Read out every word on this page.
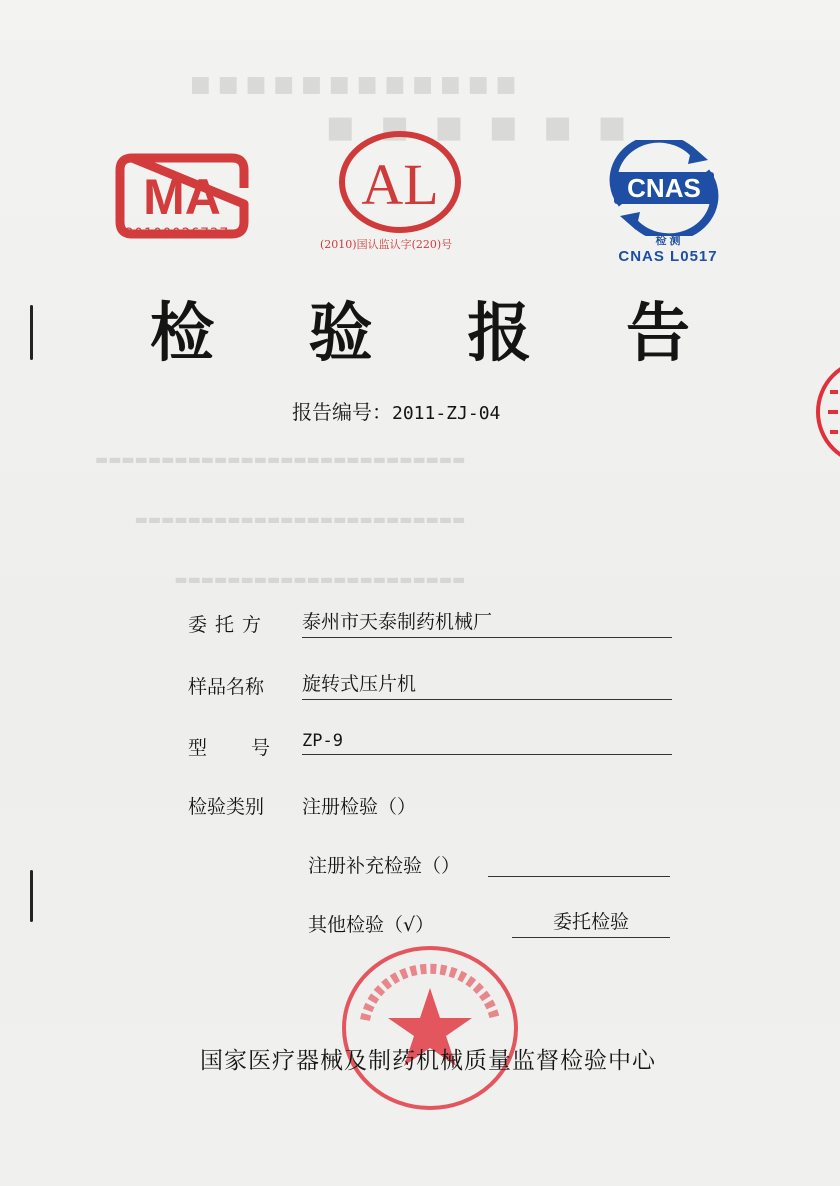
■ ■ ■ ■ ■ ■ ■ ■ ■ ■ ■ ■
■■■■■■
▬▬▬▬▬▬▬▬▬▬▬▬▬▬▬▬▬▬▬▬▬▬▬▬▬▬▬▬
▬▬▬▬▬▬▬▬▬▬▬▬▬▬▬▬▬▬▬▬▬▬▬▬▬
▬▬▬▬▬▬▬▬▬▬▬▬▬▬▬▬▬▬▬▬▬▬
MA
2010002673Z
AL
(2010)国认监认字(220)号
CNAS
检 测
CNAS L0517
检 验 报 告
报告编号：2011-ZJ-04
委托方 泰州市天泰制药机械厂
样品名称 旋转式压片机
型 号 ZP-9
检验类别 注册检验（）
注册补充检验（）
其他检验（√）	委托检验
国家医疗器械及制药机械质量监督检验中心
